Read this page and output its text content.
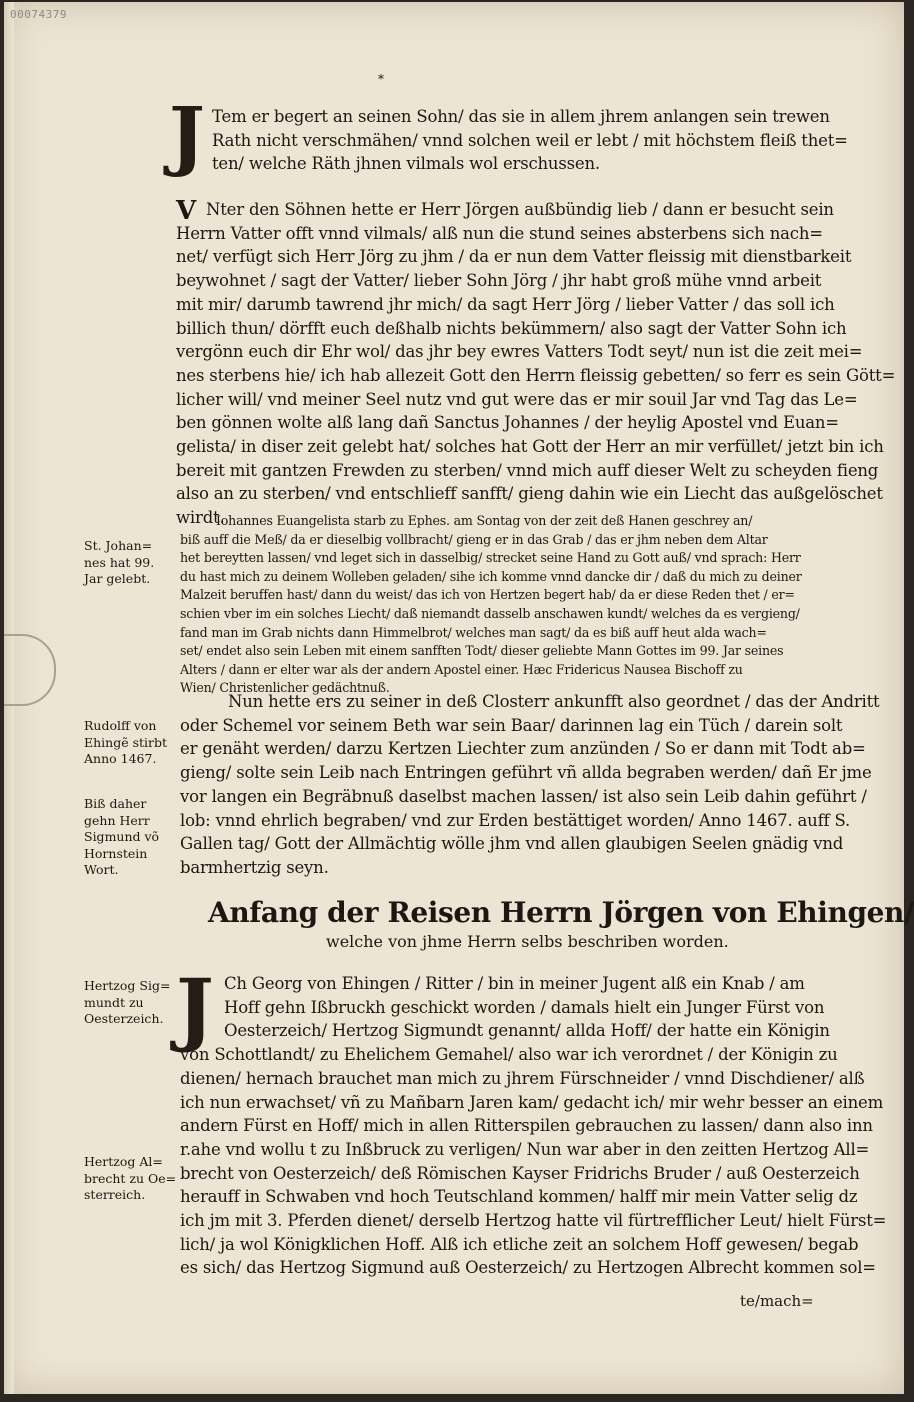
00074379
*
J Tem er begert an seinen Sohn/ das sie in allem jhrem anlangen sein trewen
Rath nicht verschmähen/ vnnd solchen weil er lebt / mit höchstem fleiß thet=
ten/ welche Räth jhnen vilmals wol erschussen.
V Nter den Söhnen hette er Herr Jörgen außbündig lieb / dann er besucht sein
Herrn Vatter offt vnnd vilmals/ alß nun die stund seines absterbens sich nach=
net/ verfügt sich Herr Jörg zu jhm / da er nun dem Vatter fleissig mit dienstbarkeit
beywohnet / sagt der Vatter/ lieber Sohn Jörg / jhr habt groß mühe vnnd arbeit
mit mir/ darumb tawrend jhr mich/ da sagt Herr Jörg / lieber Vatter / das soll ich
billich thun/ dörfft euch deßhalb nichts bekümmern/ also sagt der Vatter Sohn ich
vergönn euch dir Ehr wol/ das jhr bey ewres Vatters Todt seyt/ nun ist die zeit mei=
nes sterbens hie/ ich hab allezeit Gott den Herrn fleissig gebetten/ so ferr es sein Gött=
licher will/ vnd meiner Seel nutz vnd gut were das er mir souil Jar vnd Tag das Le=
ben gönnen wolte alß lang dañ Sanctus Johannes / der heylig Apostel vnd Euan=
gelista/ in diser zeit gelebt hat/ solches hat Gott der Herr an mir verfüllet/ jetzt bin ich
bereit mit gantzen Frewden zu sterben/ vnnd mich auff dieser Welt zu scheyden fieng
also an zu sterben/ vnd entschlieff sanfft/ gieng dahin wie ein Liecht das außgelöschet
wirdt.
Iohannes Euangelista starb zu Ephes. am Sontag von der zeit deß Hanen geschrey an/
biß auff die Meß/ da er dieselbig vollbracht/ gieng er in das Grab / das er jhm neben dem Altar
het bereytten lassen/ vnd leget sich in dasselbig/ strecket seine Hand zu Gott auß/ vnd sprach: Herr
du hast mich zu deinem Wolleben geladen/ sihe ich komme vnnd dancke dir / daß du mich zu deiner
Malzeit beruffen hast/ dann du weist/ das ich von Hertzen begert hab/ da er diese Reden thet / er=
schien vber im ein solches Liecht/ daß niemandt dasselb anschawen kundt/ welches da es vergieng/
fand man im Grab nichts dann Himmelbrot/ welches man sagt/ da es biß auff heut alda wach=
set/ endet also sein Leben mit einem sanfften Todt/ dieser geliebte Mann Gottes im 99. Jar seines
Alters / dann er elter war als der andern Apostel einer. Hæc Fridericus Nausea Bischoff zu
Wien/ Christenlicher gedächtnuß.
Nun hette ers zu seiner in deß Closterr ankunfft also geordnet / das der Andritt
oder Schemel vor seinem Beth war sein Baar/ darinnen lag ein Tüch / darein solt
er genäht werden/ darzu Kertzen Liechter zum anzünden / So er dann mit Todt ab=
gieng/ solte sein Leib nach Entringen geführt vñ allda begraben werden/ dañ Er jme
vor langen ein Begräbnuß daselbst machen lassen/ ist also sein Leib dahin geführt /
lob: vnnd ehrlich begraben/ vnd zur Erden bestättiget worden/ Anno 1467. auff S.
Gallen tag/ Gott der Allmächtig wölle jhm vnd allen glaubigen Seelen gnädig vnd
barmhertzig seyn.
Anfang der Reisen Herrn Jörgen von Ehingen/

welche von jhme Herrn selbs beschriben worden.

J Ch Georg von Ehingen / Ritter / bin in meiner Jugent alß ein Knab / am
Hoff gehn Ißbruckh geschickt worden / damals hielt ein Junger Fürst von
Oesterzeich/ Hertzog Sigmundt genannt/ allda Hoff/ der hatte ein Königin
von Schottlandt/ zu Ehelichem Gemahel/ also war ich verordnet / der Königin zu
dienen/ hernach brauchet man mich zu jhrem Fürschneider / vnnd Dischdiener/ alß
ich nun erwachset/ vñ zu Mañbarn Jaren kam/ gedacht ich/ mir wehr besser an einem
andern Fürst en Hoff/ mich in allen Ritterspilen gebrauchen zu lassen/ dann also inn
r.ahe vnd wollu t zu Inßbruck zu verligen/ Nun war aber in den zeitten Hertzog All=
brecht von Oesterzeich/ deß Römischen Kayser Fridrichs Bruder / auß Oesterzeich
herauff in Schwaben vnd hoch Teutschland kommen/ halff mir mein Vatter selig dz
ich jm mit 3. Pferden dienet/ derselb Hertzog hatte vil fürtrefflicher Leut/ hielt Fürst=
lich/ ja wol Königklichen Hoff. Alß ich etliche zeit an solchem Hoff gewesen/ begab
es sich/ das Hertzog Sigmund auß Oesterzeich/ zu Hertzogen Albrecht kommen sol=
te/mach=
St. Johan=
nes hat 99.
Jar gelebt.
Rudolff von
Ehingẽ stirbt
Anno 1467.
Biß daher
gehn Herr
Sigmund võ
Hornstein
Wort.
Hertzog Sig=
mundt zu
Oesterzeich.
Hertzog Al=
brecht zu Oe=
sterreich.
